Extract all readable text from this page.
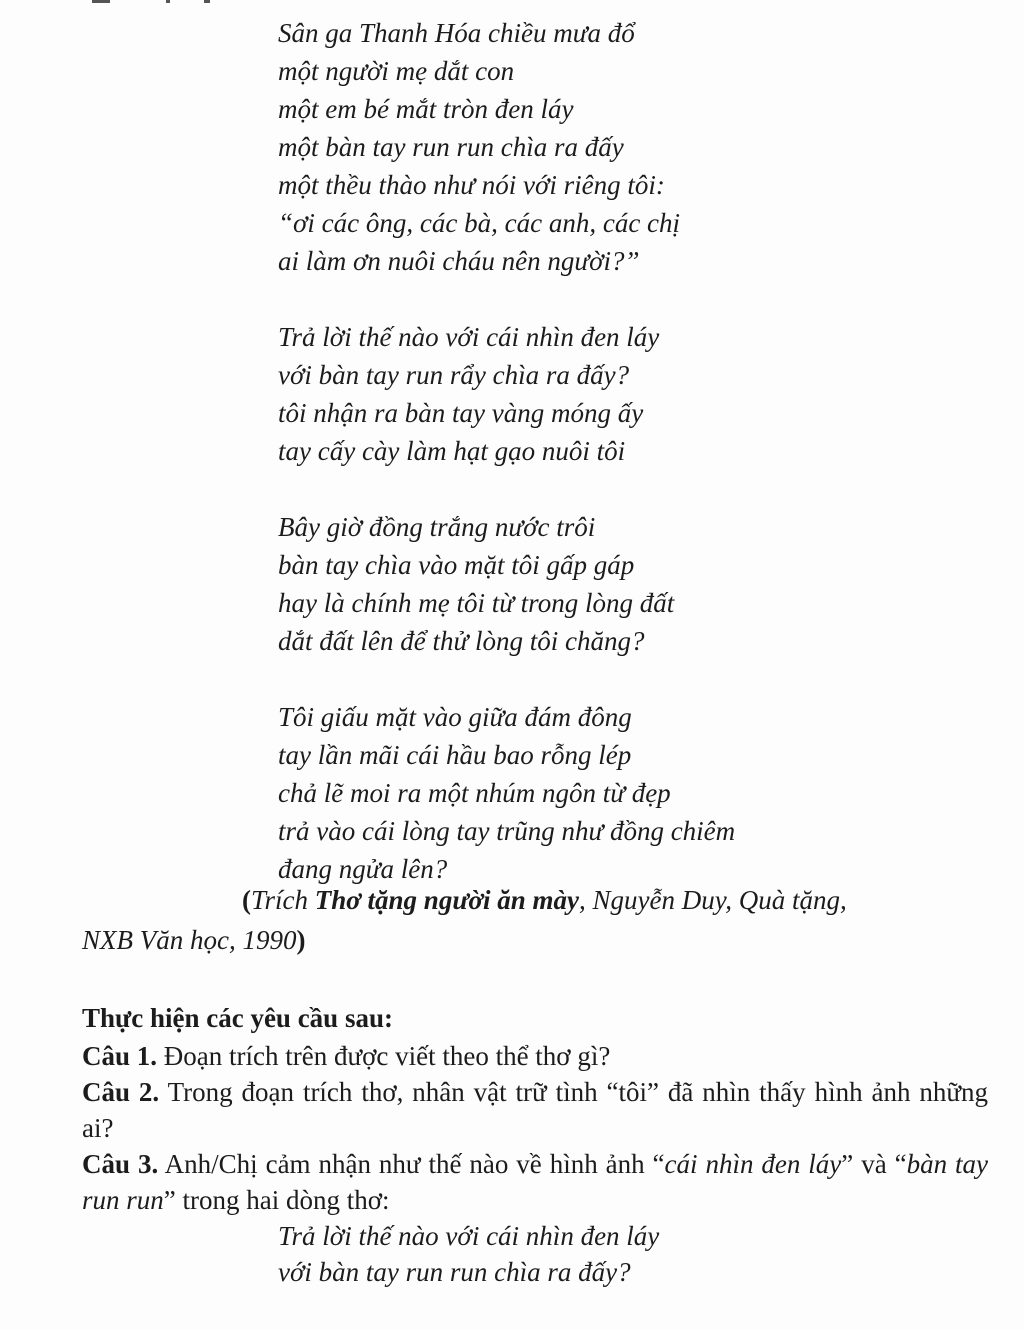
Sân ga Thanh Hóa chiều mưa đổ
một người mẹ dắt con
một em bé mắt tròn đen láy
một bàn tay run run chìa ra đấy
một thều thào như nói với riêng tôi:
“ơi các ông, các bà, các anh, các chị
ai làm ơn nuôi cháu nên người?”
Trả lời thế nào với cái nhìn đen láy
với bàn tay run rẩy chìa ra đấy?
tôi nhận ra bàn tay vàng móng ấy
tay cấy cày làm hạt gạo nuôi tôi
Bây giờ đồng trắng nước trôi
bàn tay chìa vào mặt tôi gấp gáp
hay là chính mẹ tôi từ trong lòng đất
dắt đất lên để thử lòng tôi chăng?
Tôi giấu mặt vào giữa đám đông
tay lần mãi cái hầu bao rỗng lép
chả lẽ moi ra một nhúm ngôn từ đẹp
trả vào cái lòng tay trũng như đồng chiêm
đang ngửa lên?
(Trích Thơ tặng người ăn mày, Nguyễn Duy, Quà tặng,
NXB Văn học, 1990)

Thực hiện các yêu cầu sau:

Câu 1. Đoạn trích trên được viết theo thể thơ gì?

Câu 2. Trong đoạn trích thơ, nhân vật trữ tình “tôi” đã nhìn thấy hình ảnh những ai?

Câu 3. Anh/Chị cảm nhận như thế nào về hình ảnh “cái nhìn đen láy” và “bàn tay run run” trong hai dòng thơ:

Trả lời thế nào với cái nhìn đen láy
với bàn tay run run chìa ra đấy?
